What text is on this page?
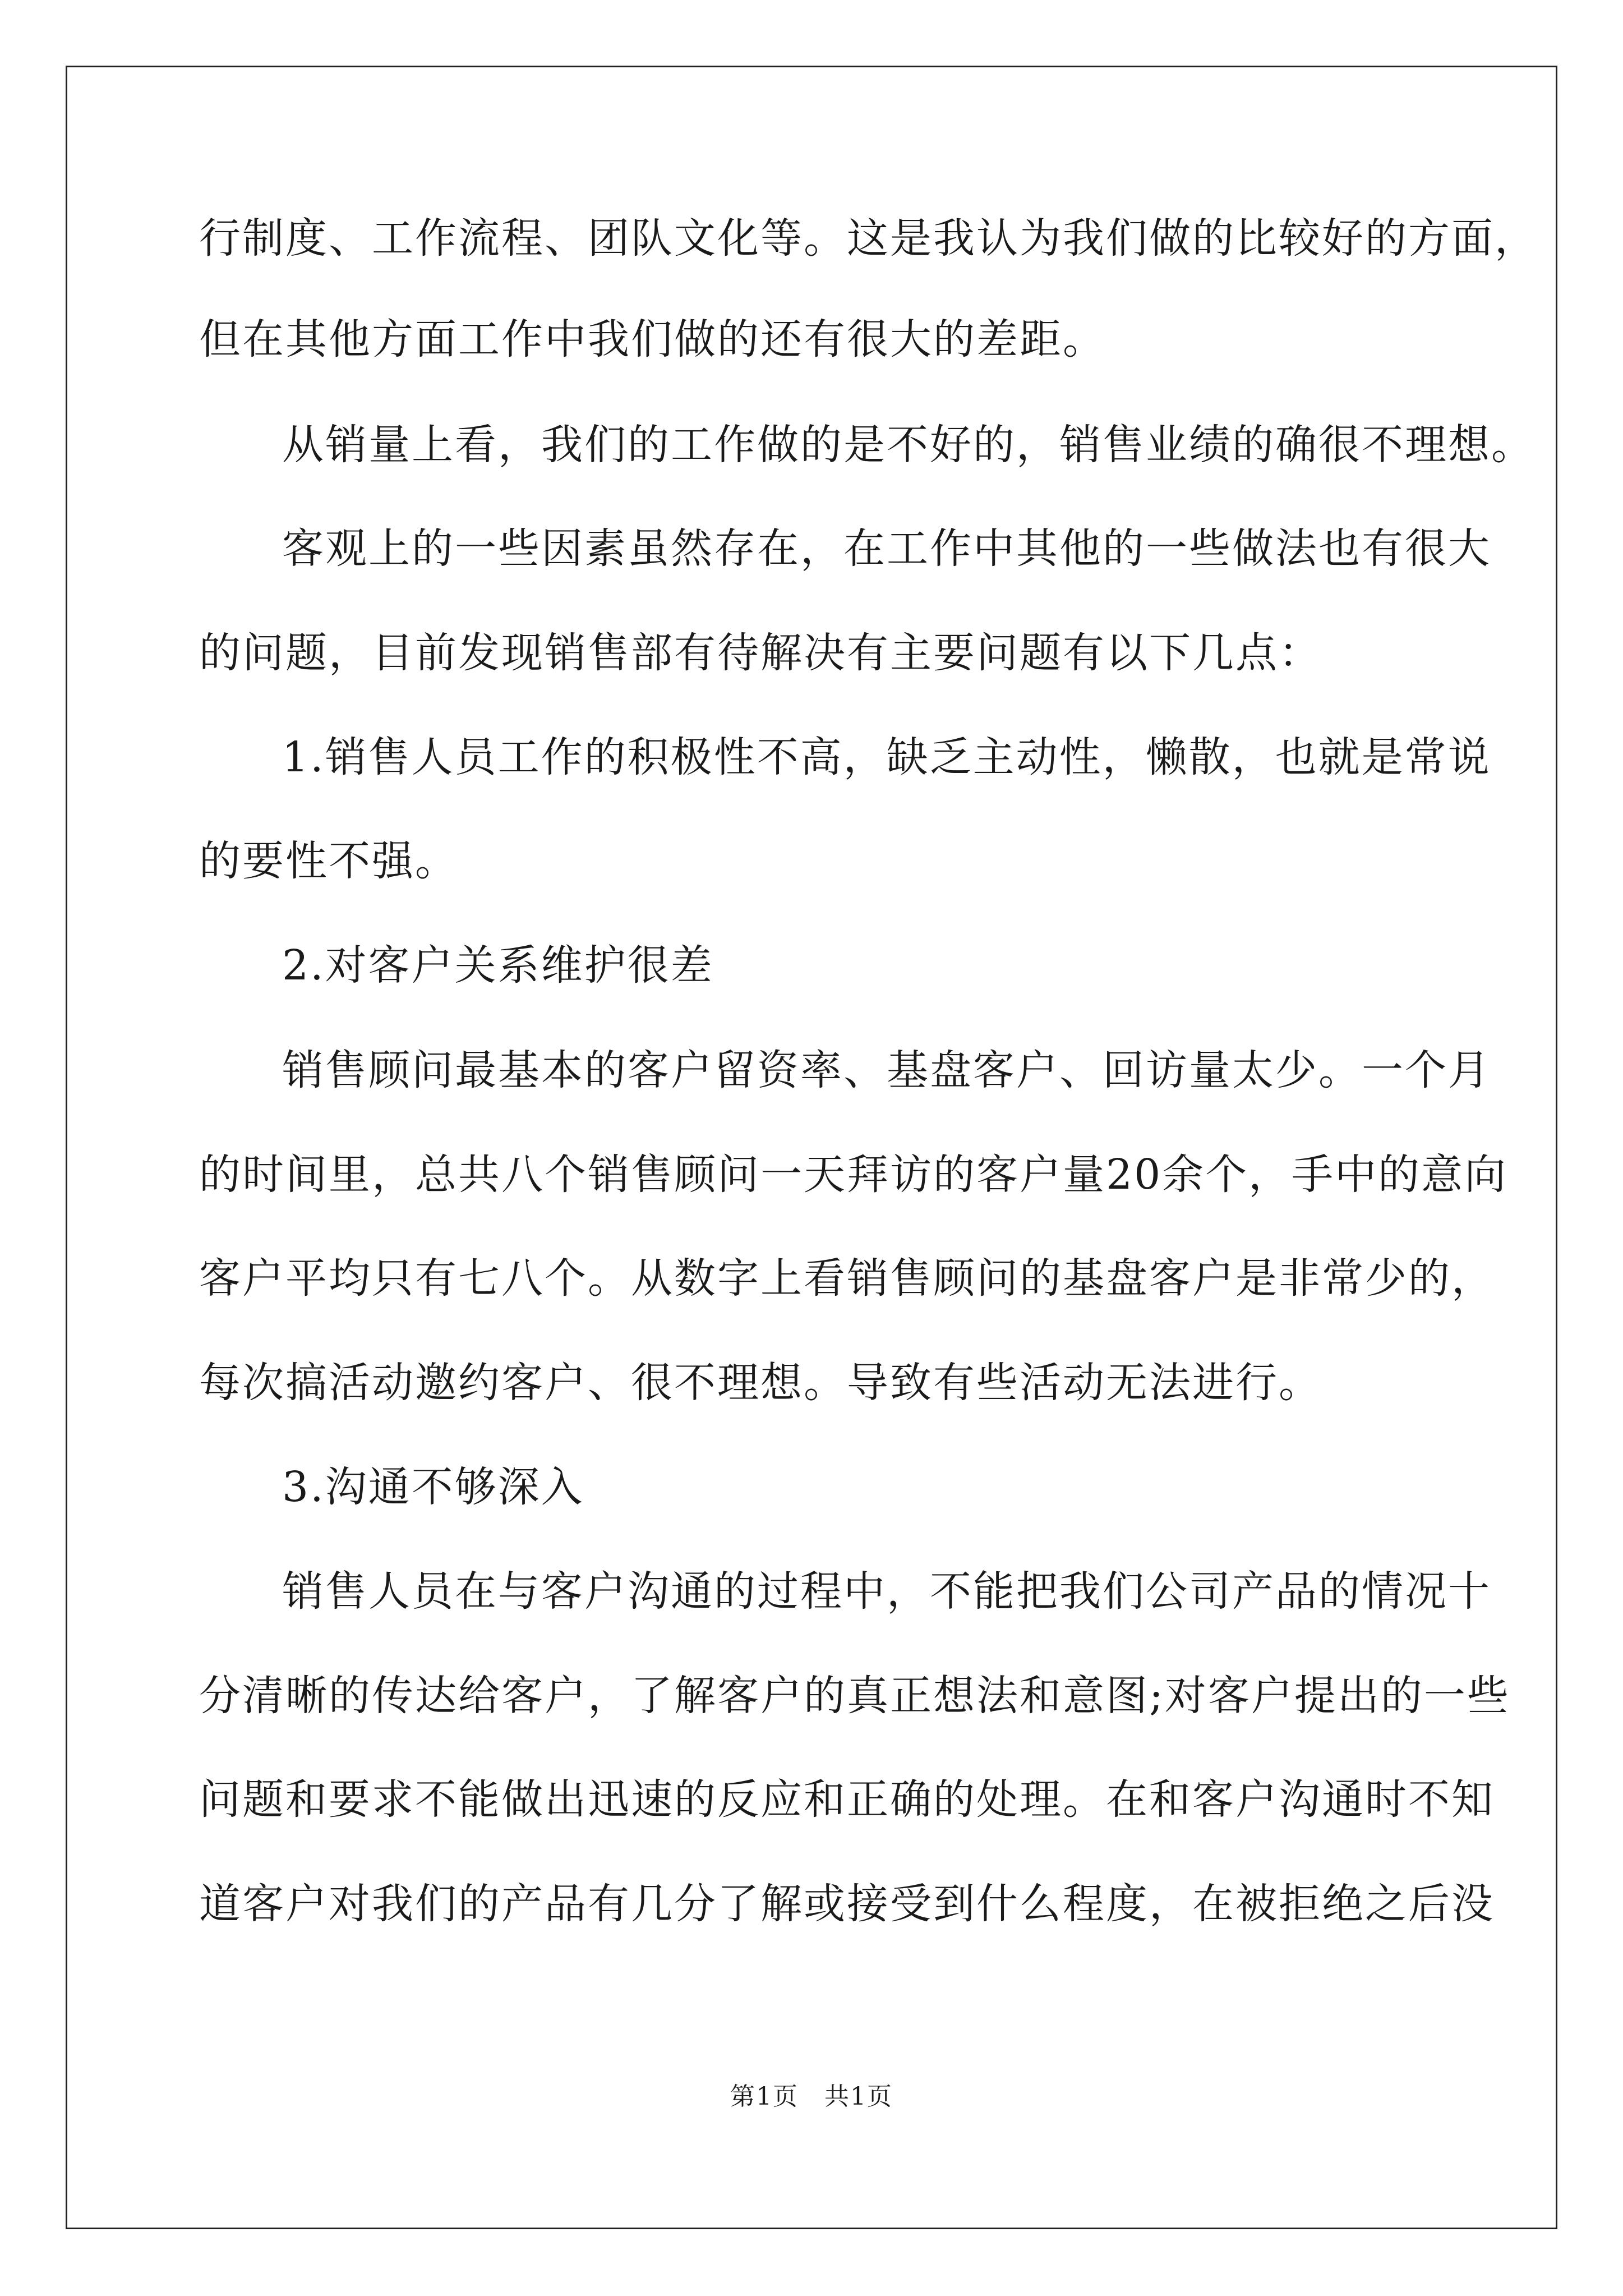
行制度、工作流程、团队文化等。这是我认为我们做的比较好的方面，
但在其他方面工作中我们做的还有很大的差距。
从销量上看，我们的工作做的是不好的，销售业绩的确很不理想。
客观上的一些因素虽然存在，在工作中其他的一些做法也有很大
的问题，目前发现销售部有待解决有主要问题有以下几点：
1.销售人员工作的积极性不高，缺乏主动性，懒散，也就是常说
的要性不强。
2.对客户关系维护很差
销售顾问最基本的客户留资率、基盘客户、回访量太少。一个月
的时间里，总共八个销售顾问一天拜访的客户量20余个，手中的意向
客户平均只有七八个。从数字上看销售顾问的基盘客户是非常少的，
每次搞活动邀约客户、很不理想。导致有些活动无法进行。
3.沟通不够深入
销售人员在与客户沟通的过程中，不能把我们公司产品的情况十
分清晰的传达给客户，了解客户的真正想法和意图;对客户提出的一些
问题和要求不能做出迅速的反应和正确的处理。在和客户沟通时不知
道客户对我们的产品有几分了解或接受到什么程度，在被拒绝之后没
第1页　共1页
